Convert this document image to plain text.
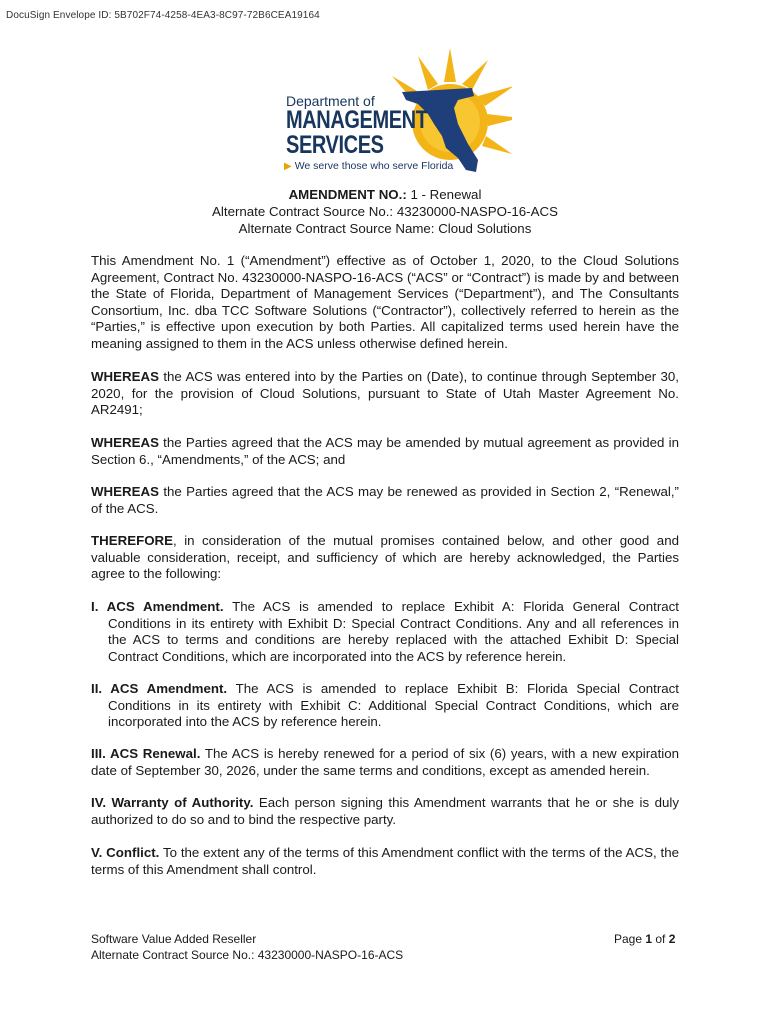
DocuSign Envelope ID: 5B702F74-4258-4EA3-8C97-72B6CEA19164
Department of
MANAGEMENT
SERVICES
▶ We serve those who serve Florida
AMENDMENT NO.: 1 - Renewal
Alternate Contract Source No.: 43230000-NASPO-16-ACS
Alternate Contract Source Name: Cloud Solutions
This Amendment No. 1 (“Amendment”) effective as of October 1, 2020, to the Cloud Solutions Agreement, Contract No. 43230000-NASPO-16-ACS (“ACS” or “Contract”) is made by and between the State of Florida, Department of Management Services (“Department”), and The Consultants Consortium, Inc. dba TCC Software Solutions (“Contractor”), collectively referred to herein as the “Parties,” is effective upon execution by both Parties. All capitalized terms used herein have the meaning assigned to them in the ACS unless otherwise defined herein.
WHEREAS the ACS was entered into by the Parties on (Date), to continue through September 30, 2020, for the provision of Cloud Solutions, pursuant to State of Utah Master Agreement No. AR2491;
WHEREAS the Parties agreed that the ACS may be amended by mutual agreement as provided in Section 6., “Amendments,” of the ACS; and
WHEREAS the Parties agreed that the ACS may be renewed as provided in Section 2, “Renewal,” of the ACS.
THEREFORE, in consideration of the mutual promises contained below, and other good and valuable consideration, receipt, and sufficiency of which are hereby acknowledged, the Parties agree to the following:
I. ACS Amendment. The ACS is amended to replace Exhibit A: Florida General Contract Conditions in its entirety with Exhibit D: Special Contract Conditions. Any and all references in the ACS to terms and conditions are hereby replaced with the attached Exhibit D: Special Contract Conditions, which are incorporated into the ACS by reference herein.
II. ACS Amendment. The ACS is amended to replace Exhibit B: Florida Special Contract Conditions in its entirety with Exhibit C: Additional Special Contract Conditions, which are incorporated into the ACS by reference herein.
III. ACS Renewal. The ACS is hereby renewed for a period of six (6) years, with a new expiration date of September 30, 2026, under the same terms and conditions, except as amended herein.
IV. Warranty of Authority. Each person signing this Amendment warrants that he or she is duly authorized to do so and to bind the respective party.
V. Conflict. To the extent any of the terms of this Amendment conflict with the terms of the ACS, the terms of this Amendment shall control.
Software Value Added Reseller
Alternate Contract Source No.: 43230000-NASPO-16-ACS
Page 1 of 2
